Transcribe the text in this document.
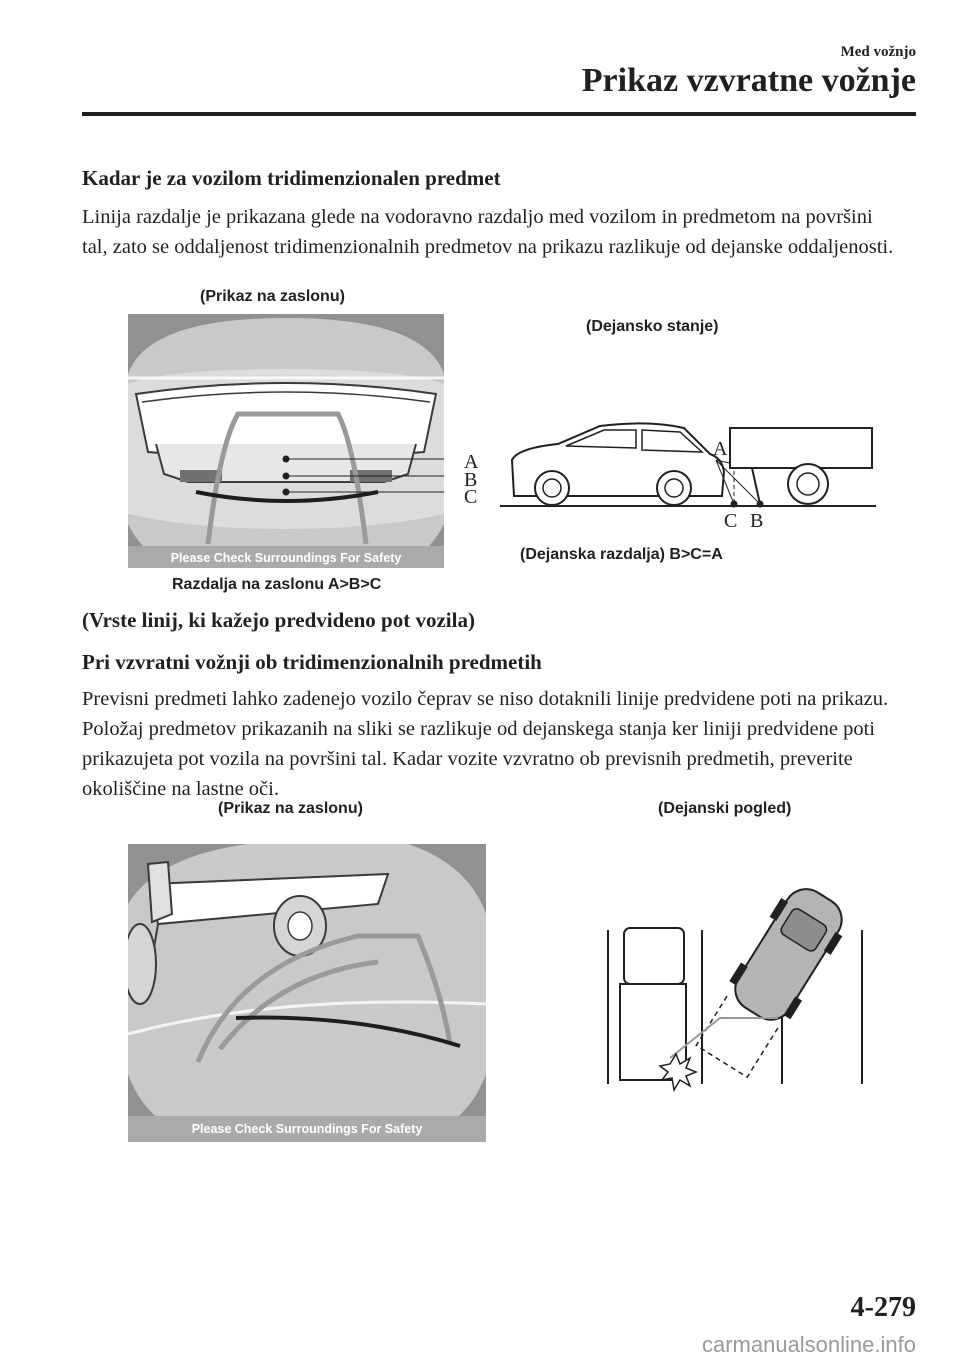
Med vožnjo
Prikaz vzvratne vožnje
Kadar je za vozilom tridimenzionalen predmet
Linija razdalje je prikazana glede na vodoravno razdaljo med vozilom in predmetom na površini tal, zato se oddaljenost tridimenzionalnih predmetov na prikazu razlikuje od dejanske oddaljenosti.
(Prikaz na zaslonu)
(Dejansko stanje)
Please Check Surroundings For Safety
A
B
C
A
C B
(Dejanska razdalja) B>C=A
Razdalja na zaslonu A>B>C
(Vrste linij, ki kažejo predvideno pot vozila)
Pri vzvratni vožnji ob tridimenzionalnih predmetih
Previsni predmeti lahko zadenejo vozilo čeprav se niso dotaknili linije predvidene poti na prikazu. Položaj predmetov prikazanih na sliki se razlikuje od dejanskega stanja ker liniji predvidene poti prikazujeta pot vozila na površini tal. Kadar vozite vzvratno ob previsnih predmetih, preverite okoliščine na lastne oči.
(Prikaz na zaslonu)	(Dejanski pogled)
Please Check Surroundings For Safety
4-279
carmanualsonline.info
